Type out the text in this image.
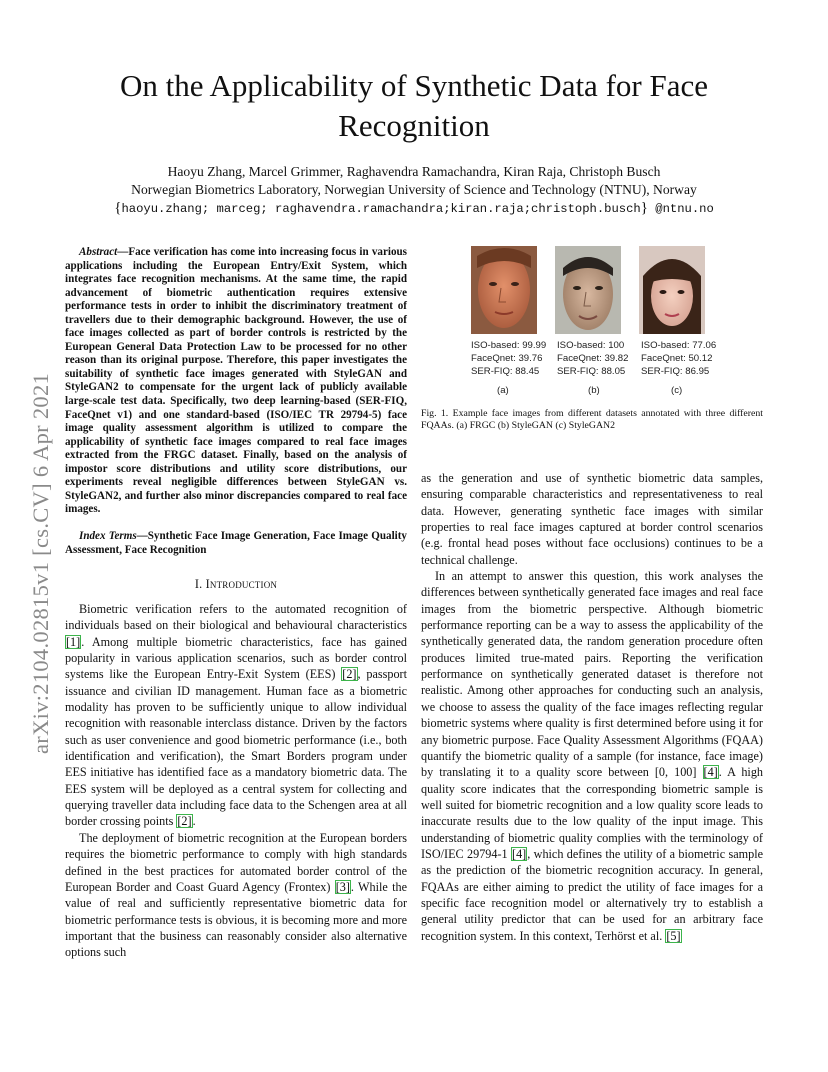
arXiv:2104.02815v1 [cs.CV] 6 Apr 2021
On the Applicability of Synthetic Data for Face
Recognition
Haoyu Zhang, Marcel Grimmer, Raghavendra Ramachandra, Kiran Raja, Christoph Busch
Norwegian Biometrics Laboratory, Norwegian University of Science and Technology (NTNU), Norway
{haoyu.zhang; marceg; raghavendra.ramachandra;kiran.raja;christoph.busch} @ntnu.no

Abstract—Face verification has come into increasing focus in various applications including the European Entry/Exit System, which integrates face recognition mechanisms. At the same time, the rapid advancement of biometric authentication requires extensive performance tests in order to inhibit the discriminatory treatment of travellers due to their demographic background. However, the use of face images collected as part of border controls is restricted by the European General Data Protection Law to be processed for no other reason than its original purpose. Therefore, this paper investigates the suitability of synthetic face images generated with StyleGAN and StyleGAN2 to compensate for the urgent lack of publicly available large-scale test data. Specifically, two deep learning-based (SER-FIQ, FaceQnet v1) and one standard-based (ISO/IEC TR 29794-5) face image quality assessment algorithm is utilized to compare the applicability of synthetic face images compared to real face images extracted from the FRGC dataset. Finally, based on the analysis of impostor score distributions and utility score distributions, our experiments reveal negligible differences between StyleGAN vs. StyleGAN2, and further also minor discrepancies compared to real face images.

Index Terms—Synthetic Face Image Generation, Face Image Quality Assessment, Face Recognition

I. Introduction

Biometric verification refers to the automated recognition of individuals based on their biological and behavioural characteristics [1]. Among multiple biometric characteristics, face has gained popularity in various application scenarios, such as border control systems like the European Entry-Exit System (EES) [2], passport issuance and civilian ID management. Human face as a biometric modality has proven to be sufficiently unique to allow individual recognition with reasonable interclass distance. Driven by the factors such as user convenience and good biometric performance (i.e., both identification and verification), the Smart Borders program under EES initiative has identified face as a mandatory biometric data. The EES system will be deployed as a central system for collecting and querying traveller data including face data to the Schengen area at all border crossing points [2].

The deployment of biometric recognition at the European borders requires the biometric performance to comply with high standards defined in the best practices for automated border control of the European Border and Coast Guard Agency (Frontex) [3]. While the value of real and sufficiently representative biometric data for biometric performance tests is obvious, it is becoming more and more important that the business can reasonably consider also alternative options such

ISO-based: 99.99
FaceQnet: 39.76
SER-FIQ: 88.45
ISO-based: 100
FaceQnet: 39.82
SER-FIQ: 88.05
ISO-based: 77.06
FaceQnet: 50.12
SER-FIQ: 86.95
(a)	(b)	(c)
Fig. 1. Example face images from different datasets annotated with three different FQAAs. (a) FRGC (b) StyleGAN (c) StyleGAN2

as the generation and use of synthetic biometric data samples, ensuring comparable characteristics and representativeness to real data. However, generating synthetic face images with similar properties to real face images captured at border control scenarios (e.g. frontal head poses without face occlusions) continues to be a technical challenge.

In an attempt to answer this question, this work analyses the differences between synthetically generated face images and real face images from the biometric perspective. Although biometric performance reporting can be a way to assess the applicability of the synthetically generated data, the random generation procedure often produces limited true-mated pairs. Reporting the verification performance on synthetically generated dataset is therefore not realistic. Among other approaches for conducting such an analysis, we choose to assess the quality of the face images reflecting regular biometric systems where quality is first determined before using it for any biometric purpose. Face Quality Assessment Algorithms (FQAA) quantify the biometric quality of a sample (for instance, face image) by translating it to a quality score between [0, 100] [4]. A high quality score indicates that the corresponding biometric sample is well suited for biometric recognition and a low quality score leads to inaccurate results due to the low quality of the input image. This understanding of biometric quality complies with the terminology of ISO/IEC 29794-1 [4], which defines the utility of a biometric sample as the prediction of the biometric recognition accuracy. In general, FQAAs are either aiming to predict the utility of face images for a specific face recognition model or alternatively try to establish a general utility predictor that can be used for an arbitrary face recognition system. In this context, Terhörst et al. [5]
